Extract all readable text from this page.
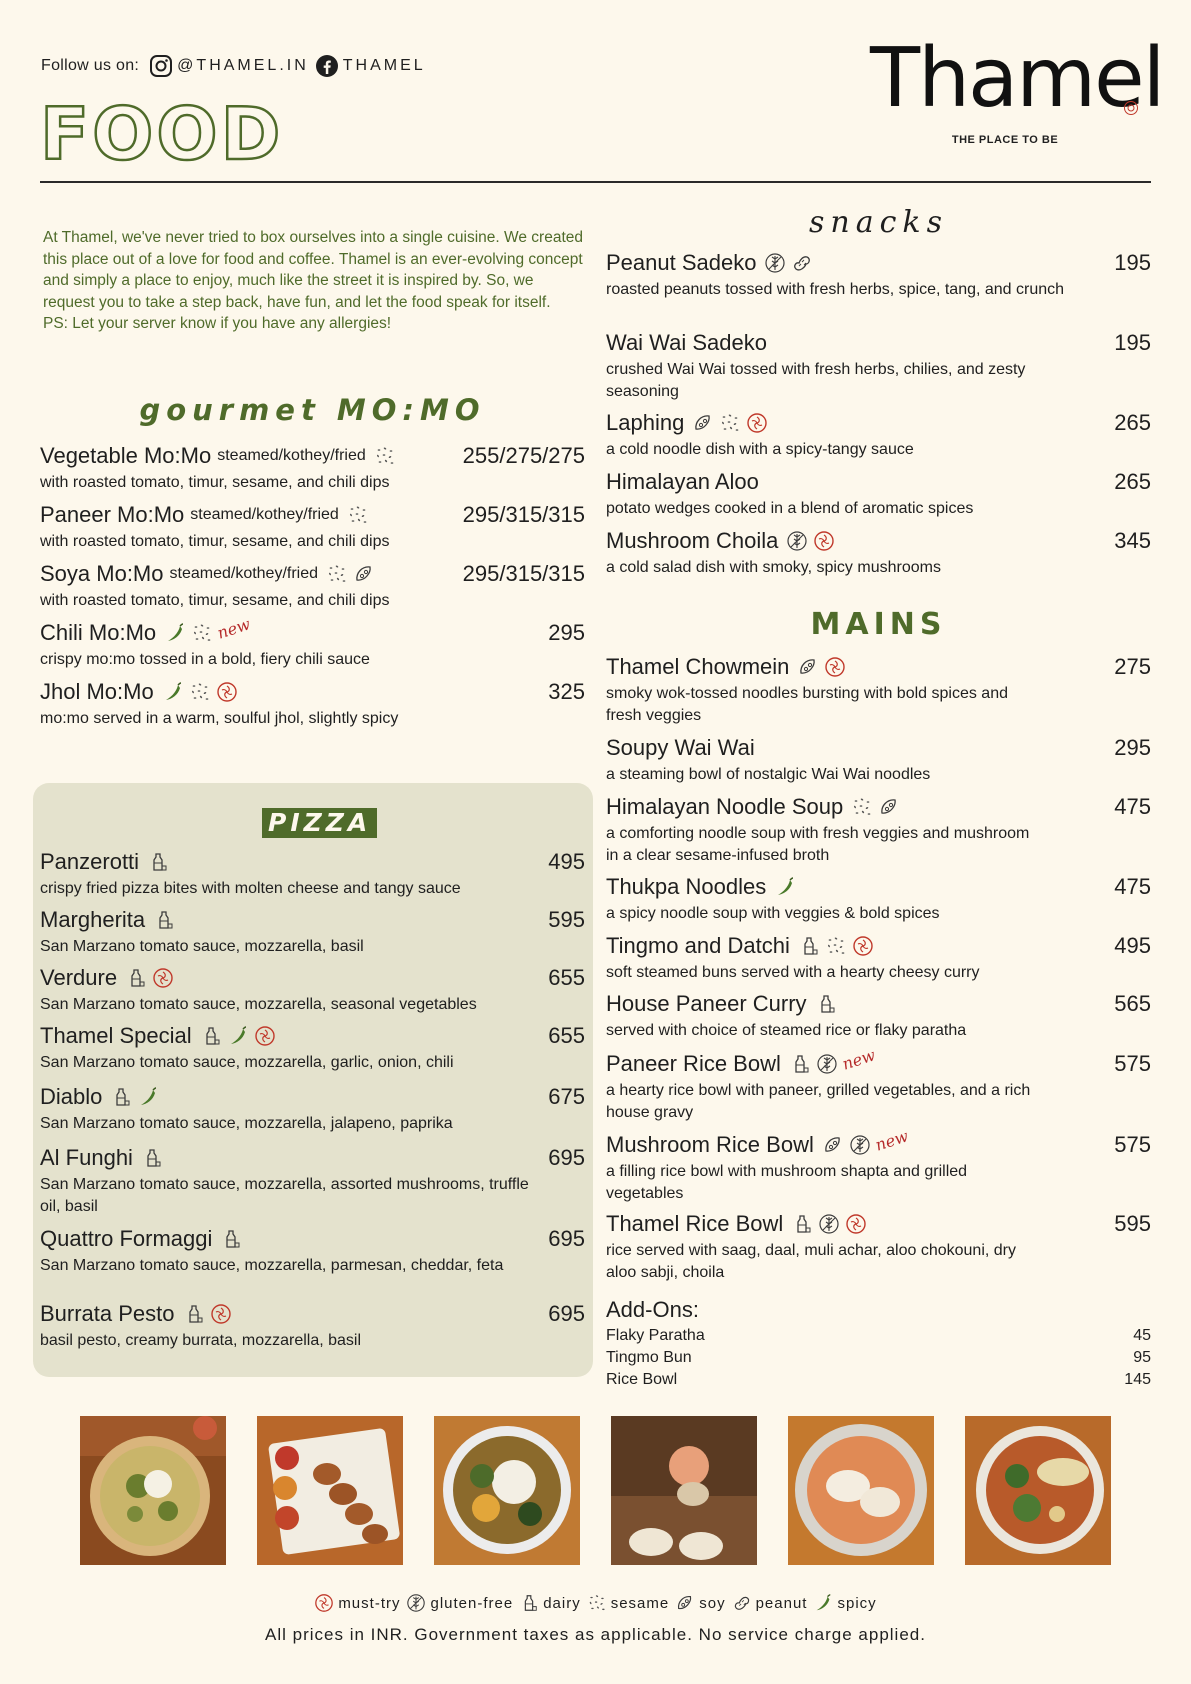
Follow us on: @THAMEL.IN THAMEL
FOOD
Thamel
THE PLACE TO BE
At Thamel, we've never tried to box ourselves into a single cuisine. We created this place out of a love for food and coffee. Thamel is an ever-evolving concept and simply a place to enjoy, much like the street it is inspired by. So, we request you to take a step back, have fun, and let the food speak for itself.
PS: Let your server know if you have any allergies!
gourmet MO:MO
snacks
MAINS
PIZZA
Vegetable Mo:Mo steamed/kothey/fried	255/275/275
with roasted tomato, timur, sesame, and chili dips
Paneer Mo:Mo steamed/kothey/fried	295/315/315
with roasted tomato, timur, sesame, and chili dips
Soya Mo:Mo steamed/kothey/fried	295/315/315
with roasted tomato, timur, sesame, and chili dips
Chili Mo:Mo	new	295
crispy mo:mo tossed in a bold, fiery chili sauce
Jhol Mo:Mo	325
mo:mo served in a warm, soulful jhol, slightly spicy
Panzerotti	495
crispy fried pizza bites with molten cheese and tangy sauce
Margherita	595
San Marzano tomato sauce, mozzarella, basil
Verdure	655
San Marzano tomato sauce, mozzarella, seasonal vegetables
Thamel Special	655
San Marzano tomato sauce, mozzarella, garlic, onion, chili
Diablo	675
San Marzano tomato sauce, mozzarella, jalapeno, paprika
Al Funghi	695
San Marzano tomato sauce, mozzarella, assorted mushrooms, truffle oil, basil
Quattro Formaggi	695
San Marzano tomato sauce, mozzarella, parmesan, cheddar, feta
Burrata Pesto	695
basil pesto, creamy burrata, mozzarella, basil
Peanut Sadeko	195
roasted peanuts tossed with fresh herbs, spice, tang, and crunch
Wai Wai Sadeko	195
crushed Wai Wai tossed with fresh herbs, chilies, and zesty seasoning
Laphing	265
a cold noodle dish with a spicy-tangy sauce
Himalayan Aloo	265
potato wedges cooked in a blend of aromatic spices
Mushroom Choila	345
a cold salad dish with smoky, spicy mushrooms
Thamel Chowmein	275
smoky wok-tossed noodles bursting with bold spices and fresh veggies
Soupy Wai Wai	295
a steaming bowl of nostalgic Wai Wai noodles
Himalayan Noodle Soup	475
a comforting noodle soup with fresh veggies and mushroom in a clear sesame-infused broth
Thukpa Noodles	475
a spicy noodle soup with veggies & bold spices
Tingmo and Datchi	495
soft steamed buns served with a hearty cheesy curry
House Paneer Curry	565
served with choice of steamed rice or flaky paratha
Paneer Rice Bowl	new	575
a hearty rice bowl with paneer, grilled vegetables, and a rich house gravy
Mushroom Rice Bowl	new	575
a filling rice bowl with mushroom shapta and grilled vegetables
Thamel Rice Bowl	595
rice served with saag, daal, muli achar, aloo chokouni, dry aloo sabji, choila
Add-Ons:
Flaky Paratha	45
Tingmo Bun	95
Rice Bowl	145
must-try gluten-free dairy sesame soy peanut spicy
All prices in INR. Government taxes as applicable. No service charge applied.
